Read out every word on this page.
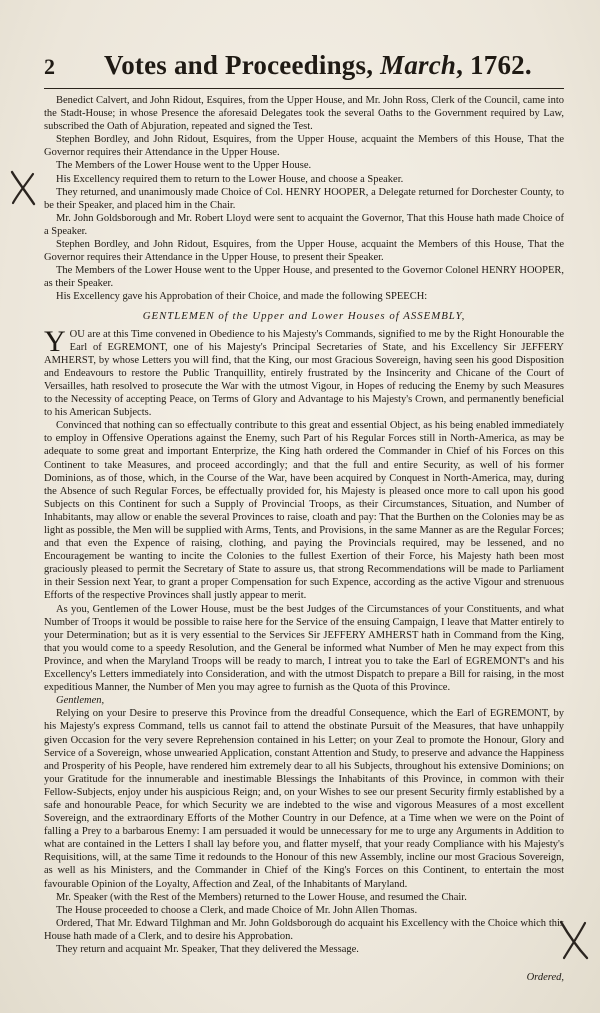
2 Votes and Proceedings, March, 1762.

Benedict Calvert, and John Ridout, Esquires, from the Upper House, and Mr. John Ross, Clerk of the Council, came into the Stadt-House; in whose Presence the aforesaid Delegates took the several Oaths to the Government required by Law, subscribed the Oath of Abjuration, repeated and signed the Test.

Stephen Bordley, and John Ridout, Esquires, from the Upper House, acquaint the Members of this House, That the Governor requires their Attendance in the Upper House.

The Members of the Lower House went to the Upper House.

His Excellency required them to return to the Lower House, and choose a Speaker.

They returned, and unanimously made Choice of Col. HENRY HOOPER, a Delegate returned for Dorchester County, to be their Speaker, and placed him in the Chair.

Mr. John Goldsborough and Mr. Robert Lloyd were sent to acquaint the Governor, That this House hath made Choice of a Speaker.

Stephen Bordley, and John Ridout, Esquires, from the Upper House, acquaint the Members of this House, That the Governor requires their Attendance in the Upper House, to present their Speaker.

The Members of the Lower House went to the Upper House, and presented to the Governor Colonel HENRY HOOPER, as their Speaker.

His Excellency gave his Approbation of their Choice, and made the following SPEECH:

GENTLEMEN of the Upper and Lower Houses of ASSEMBLY,

YOU are at this Time convened in Obedience to his Majesty's Commands, signified to me by the Right Honourable the Earl of EGREMONT, one of his Majesty's Principal Secretaries of State, and his Excellency Sir JEFFERY AMHERST, by whose Letters you will find, that the King, our most Gracious Sovereign, having seen his good Disposition and Endeavours to restore the Public Tranquillity, entirely frustrated by the Insincerity and Chicane of the Court of Versailles, hath resolved to prosecute the War with the utmost Vigour, in Hopes of reducing the Enemy by such Measures to the Necessity of accepting Peace, on Terms of Glory and Advantage to his Majesty's Crown, and permanently beneficial to his American Subjects.

Convinced that nothing can so effectually contribute to this great and essential Object, as his being enabled immediately to employ in Offensive Operations against the Enemy, such Part of his Regular Forces still in North-America, as may be adequate to some great and important Enterprize, the King hath ordered the Commander in Chief of his Forces on this Continent to take Measures, and proceed accordingly; and that the full and entire Security, as well of his former Dominions, as of those, which, in the Course of the War, have been acquired by Conquest in North-America, may, during the Absence of such Regular Forces, be effectually provided for, his Majesty is pleased once more to call upon his good Subjects on this Continent for such a Supply of Provincial Troops, as their Circumstances, Situation, and Number of Inhabitants, may allow or enable the several Provinces to raise, cloath and pay: That the Burthen on the Colonies may be as light as possible, the Men will be supplied with Arms, Tents, and Provisions, in the same Manner as are the Regular Forces; and that even the Expence of raising, clothing, and paying the Provincials required, may be lessened, and no Encouragement be wanting to incite the Colonies to the fullest Exertion of their Force, his Majesty hath been most graciously pleased to permit the Secretary of State to assure us, that strong Recommendations will be made to Parliament in their Session next Year, to grant a proper Compensation for such Expence, according as the active Vigour and strenuous Efforts of the respective Provinces shall justly appear to merit.

As you, Gentlemen of the Lower House, must be the best Judges of the Circumstances of your Constituents, and what Number of Troops it would be possible to raise here for the Service of the ensuing Campaign, I leave that Matter entirely to your Determination; but as it is very essential to the Services Sir JEFFERY AMHERST hath in Command from the King, that you would come to a speedy Resolution, and the General be informed what Number of Men he may expect from this Province, and when the Maryland Troops will be ready to march, I intreat you to take the Earl of EGREMONT's and his Excellency's Letters immediately into Consideration, and with the utmost Dispatch to prepare a Bill for raising, in the most expeditious Manner, the Number of Men you may agree to furnish as the Quota of this Province.

Gentlemen,

Relying on your Desire to preserve this Province from the dreadful Consequence, which the Earl of EGREMONT, by his Majesty's express Command, tells us cannot fail to attend the obstinate Pursuit of the Measures, that have unhappily given Occasion for the very severe Reprehension contained in his Letter; on your Zeal to promote the Honour, Glory and Service of a Sovereign, whose unwearied Application, constant Attention and Study, to preserve and advance the Happiness and Prosperity of his People, have rendered him extremely dear to all his Subjects, throughout his extensive Dominions; on your Gratitude for the innumerable and inestimable Blessings the Inhabitants of this Province, in common with their Fellow-Subjects, enjoy under his auspicious Reign; and, on your Wishes to see our present Security firmly established by a safe and honourable Peace, for which Security we are indebted to the wise and vigorous Measures of a most excellent Sovereign, and the extraordinary Efforts of the Mother Country in our Defence, at a Time when we were on the Point of falling a Prey to a barbarous Enemy: I am persuaded it would be unnecessary for me to urge any Arguments in Addition to what are contained in the Letters I shall lay before you, and flatter myself, that your ready Compliance with his Majesty's Requisitions, will, at the same Time it redounds to the Honour of this new Assembly, incline our most Gracious Sovereign, as well as his Ministers, and the Commander in Chief of the King's Forces on this Continent, to entertain the most favourable Opinion of the Loyalty, Affection and Zeal, of the Inhabitants of Maryland.

Mr. Speaker (with the Rest of the Members) returned to the Lower House, and resumed the Chair.

The House proceeded to choose a Clerk, and made Choice of Mr. John Allen Thomas.

Ordered, That Mr. Edward Tilghman and Mr. John Goldsborough do acquaint his Excellency with the Choice which this House hath made of a Clerk, and to desire his Approbation.

They return and acquaint Mr. Speaker, That they delivered the Message.

Ordered,
